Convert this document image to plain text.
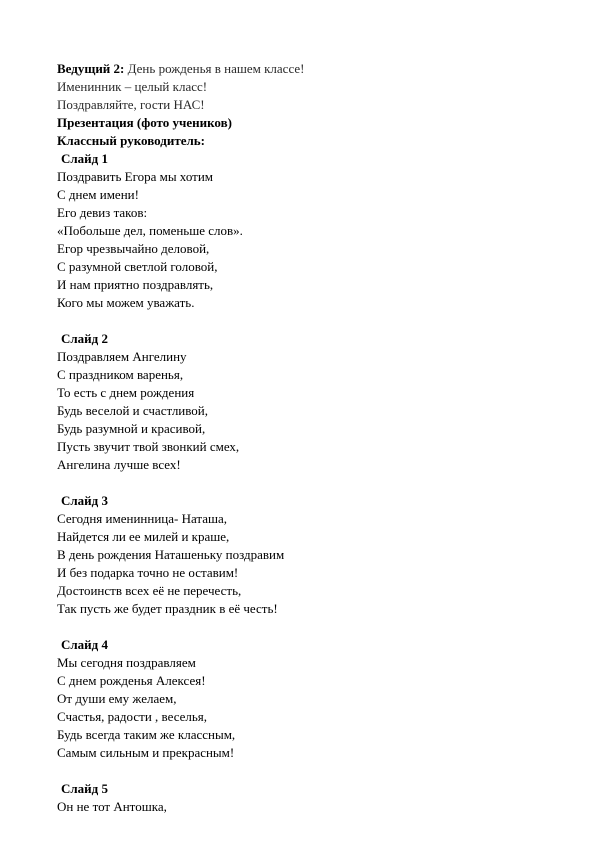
Ведущий 2: День рожденья в нашем классе!
Именинник – целый класс!
Поздравляйте, гости НАС!
Презентация (фото учеников)
Классный руководитель:
Слайд 1
Поздравить Егора мы хотим
С днем имени!
Его девиз таков:
«Побольше дел, поменьше слов».
Егор чрезвычайно деловой,
С разумной светлой головой,
И нам приятно поздравлять,
Кого мы можем уважать.
Слайд 2
Поздравляем Ангелину
С праздником варенья,
То есть с днем рождения
Будь веселой и счастливой,
Будь разумной и красивой,
Пусть звучит твой звонкий смех,
Ангелина лучше всех!
Слайд 3
Сегодня именинница- Наташа,
Найдется ли ее милей и краше,
В день рождения Наташеньку поздравим
И без подарка точно не оставим!
Достоинств всех её не перечесть,
Так пусть же будет праздник в её честь!
Слайд 4
Мы сегодня поздравляем
С днем рожденья Алексея!
От души ему желаем,
Счастья, радости , веселья,
Будь всегда таким же классным,
Самым сильным и прекрасным!
Слайд 5
Он не тот Антошка,
